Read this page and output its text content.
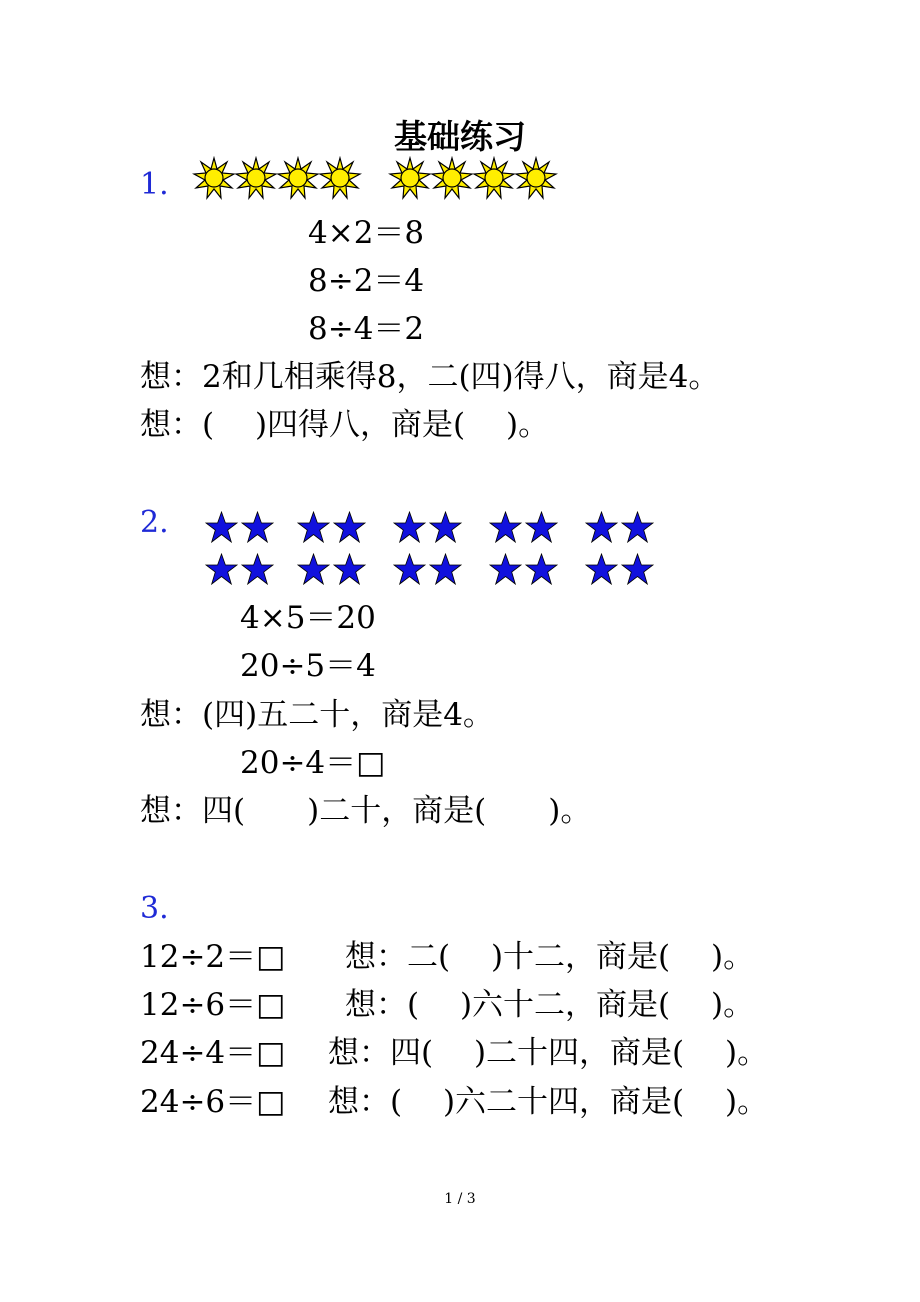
基础练习
1.
4×2＝8
8÷2＝4
8÷4＝2
想：2和几相乘得8，二(四)得八，商是4。
想：(　 )四得八，商是(　 )。
2.
4×5＝20
20÷5＝4
想：(四)五二十，商是4。
20÷4＝□
想：四(　　)二十，商是(　　)。
3.
12÷2＝□ 想：二(　 )十二，商是(　 )。
12÷6＝□ 想：(　 )六十二，商是(　 )。
24÷4＝□ 想：四(　 )二十四，商是(　 )。
24÷6＝□ 想：(　 )六二十四，商是(　 )。
1 / 3
